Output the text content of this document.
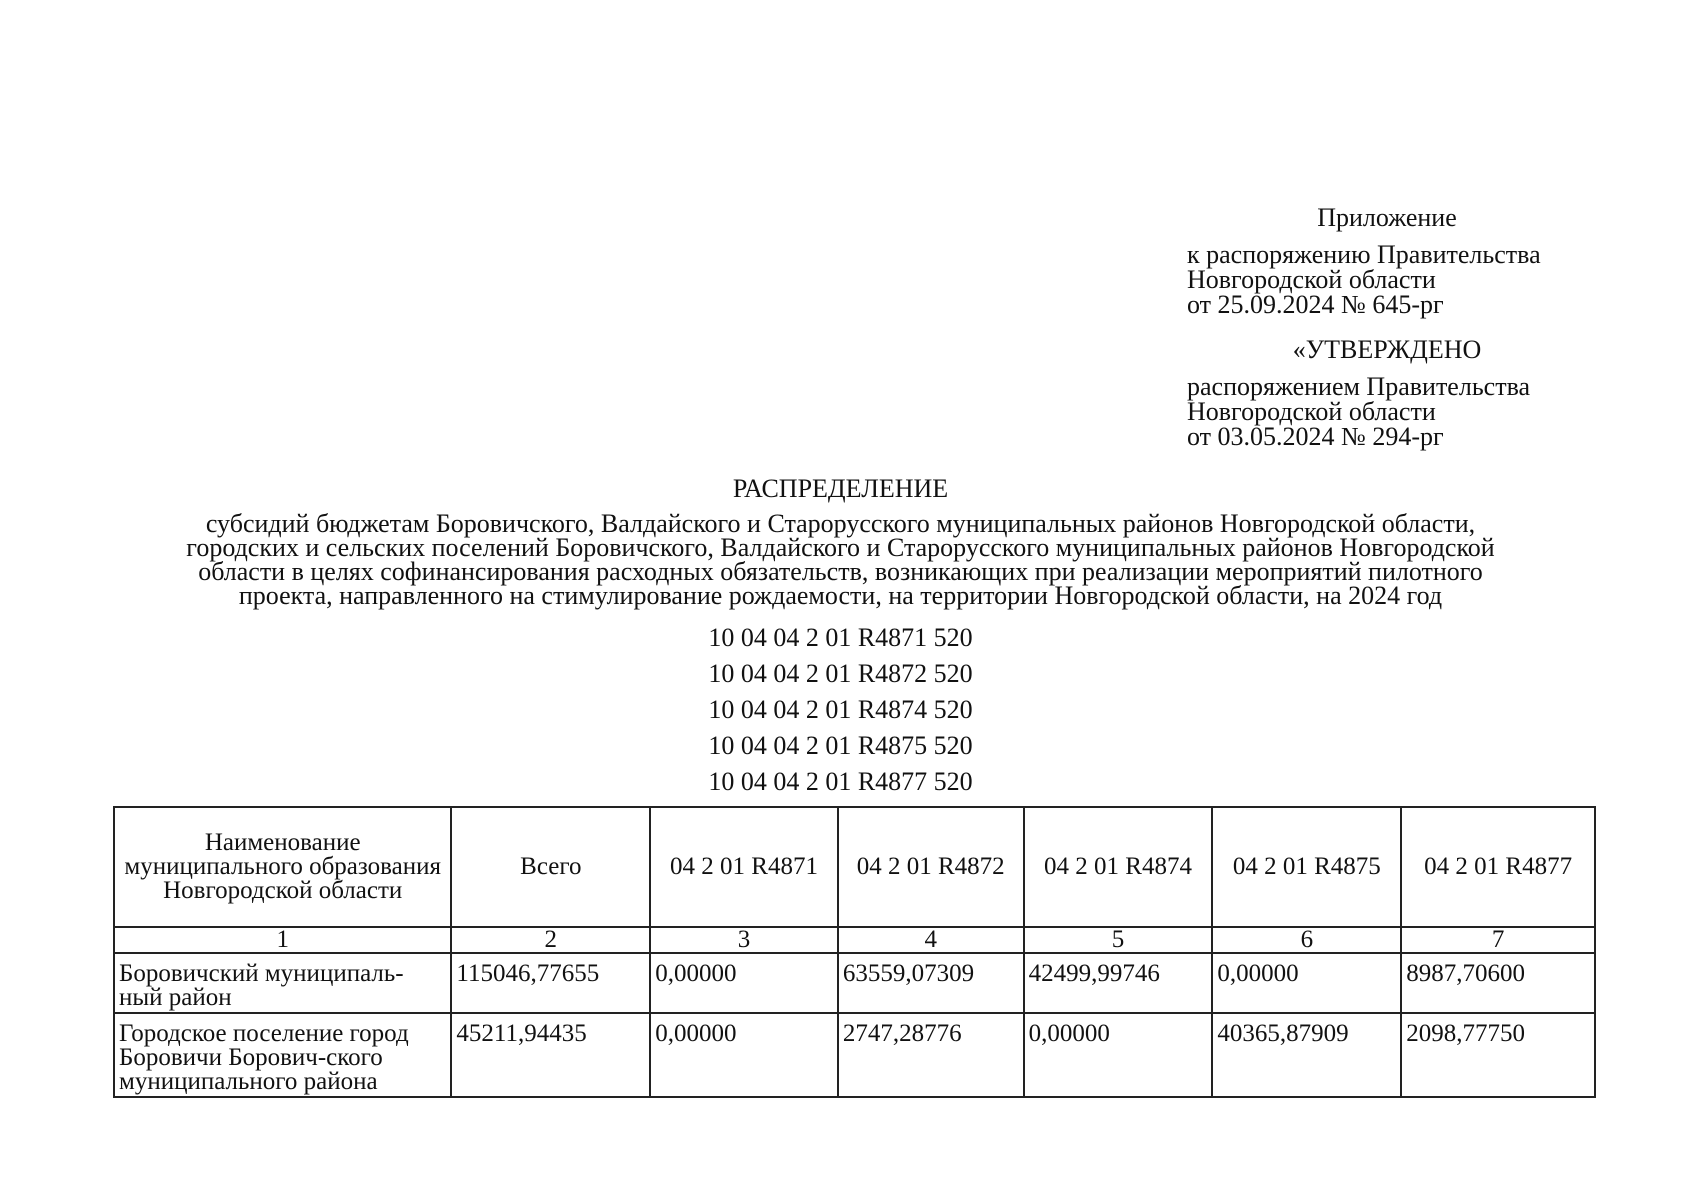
Приложение
к распоряжению Правительства
Новгородской области
от 25.09.2024 № 645-рг
«УТВЕРЖДЕНО
распоряжением Правительства
Новгородской области
от 03.05.2024 № 294-рг
РАСПРЕДЕЛЕНИЕ
субсидий бюджетам Боровичского, Валдайского и Старорусского муниципальных районов Новгородской области,
городских и сельских поселений Боровичского, Валдайского и Старорусского муниципальных районов Новгородской
области в целях софинансирования расходных обязательств, возникающих при реализации мероприятий пилотного
проекта, направленного на стимулирование рождаемости, на территории Новгородской области, на 2024 год
10 04 04 2 01 R4871 520
10 04 04 2 01 R4872 520
10 04 04 2 01 R4874 520
10 04 04 2 01 R4875 520
10 04 04 2 01 R4877 520
Наименование муниципального образования Новгородской области	Всего	04 2 01 R4871	04 2 01 R4872	04 2 01 R4874	04 2 01 R4875	04 2 01 R4877
1	2	3	4	5	6	7
Боровичский муниципаль-ный район	115046,77655	0,00000	63559,07309	42499,99746	0,00000	8987,70600
Городское поселение город Боровичи Борович-ского муниципального района	45211,94435	0,00000	2747,28776	0,00000	40365,87909	2098,77750
